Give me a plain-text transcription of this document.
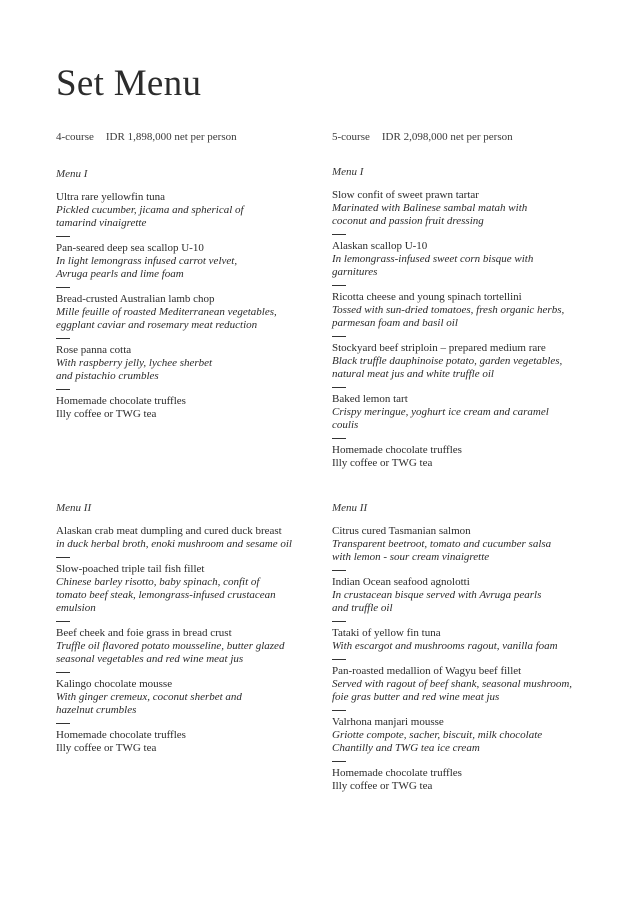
Set Menu
4-course IDR 1,898,000 net per person
Menu I
Ultra rare yellowfin tuna
Pickled cucumber, jicama and spherical of
tamarind vinaigrette
Pan-seared deep sea scallop U-10
In light lemongrass infused carrot velvet,
Avruga pearls and lime foam
Bread-crusted Australian lamb chop
Mille feuille of roasted Mediterranean vegetables,
eggplant caviar and rosemary meat reduction
Rose panna cotta
With raspberry jelly, lychee sherbet
and pistachio crumbles
Homemade chocolate truffles
Illy coffee or TWG tea
Menu II
Alaskan crab meat dumpling and cured duck breast
in duck herbal broth, enoki mushroom and sesame oil
Slow-poached triple tail fish fillet
Chinese barley risotto, baby spinach, confit of
tomato beef steak, lemongrass-infused crustacean
emulsion
Beef cheek and foie grass in bread crust
Truffle oil flavored potato mousseline, butter glazed
seasonal vegetables and red wine meat jus
Kalingo chocolate mousse
With ginger cremeux, coconut sherbet and
hazelnut crumbles
Homemade chocolate truffles
Illy coffee or TWG tea
5-course IDR 2,098,000 net per person
Menu I
Slow confit of sweet prawn tartar
Marinated with Balinese sambal matah with
coconut and passion fruit dressing
Alaskan scallop U-10
In lemongrass-infused sweet corn bisque with
garnitures
Ricotta cheese and young spinach tortellini
Tossed with sun-dried tomatoes, fresh organic herbs,
parmesan foam and basil oil
Stockyard beef striploin – prepared medium rare
Black truffle dauphinoise potato, garden vegetables,
natural meat jus and white truffle oil
Baked lemon tart
Crispy meringue, yoghurt ice cream and caramel
coulis
Homemade chocolate truffles
Illy coffee or TWG tea
Menu II
Citrus cured Tasmanian salmon
Transparent beetroot, tomato and cucumber salsa
with lemon - sour cream vinaigrette
Indian Ocean seafood agnolotti
In crustacean bisque served with Avruga pearls
and truffle oil
Tataki of yellow fin tuna
With escargot and mushrooms ragout, vanilla foam
Pan-roasted medallion of Wagyu beef fillet
Served with ragout of beef shank, seasonal mushroom,
foie gras butter and red wine meat jus
Valrhona manjari mousse
Griotte compote, sacher, biscuit, milk chocolate
Chantilly and TWG tea ice cream
Homemade chocolate truffles
Illy coffee or TWG tea
